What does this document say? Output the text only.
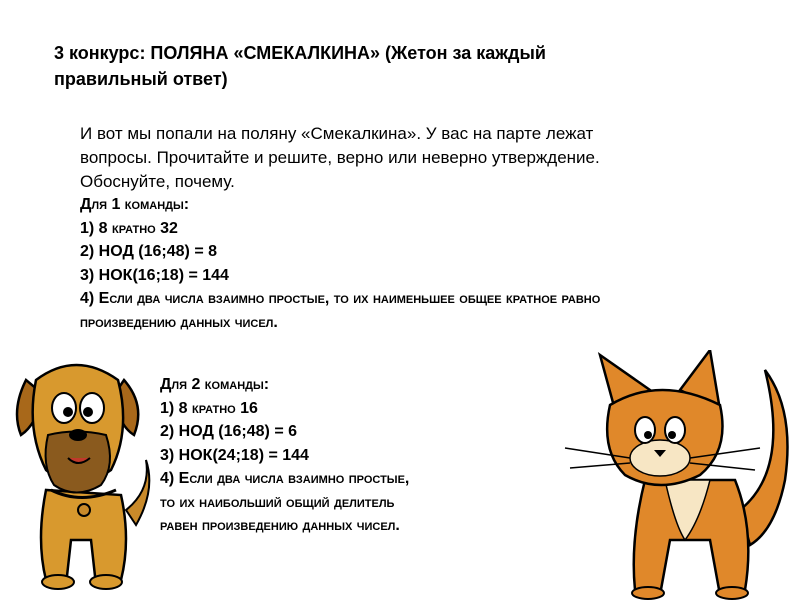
3 конкурс: ПОЛЯНА «СМЕКАЛКИНА» (Жетон за каждый правильный ответ)
И вот мы попали на поляну «Смекалкина». У вас на парте лежат вопросы. Прочитайте и решите, верно или неверно утверждение. Обоснуйте, почему.
Для 1 команды:
1) 8 кратно 32
2) НОД (16;48) = 8
3) НОК(16;18) = 144
4) Если два числа взаимно простые, то их наименьшее общее кратное равно произведению данных чисел.
Для 2 команды:
1) 8 кратно 16
2) НОД (16;48) = 6
3) НОК(24;18) = 144
4) Если два числа взаимно простые,
то их наибольший общий делитель
равен произведению данных чисел.
